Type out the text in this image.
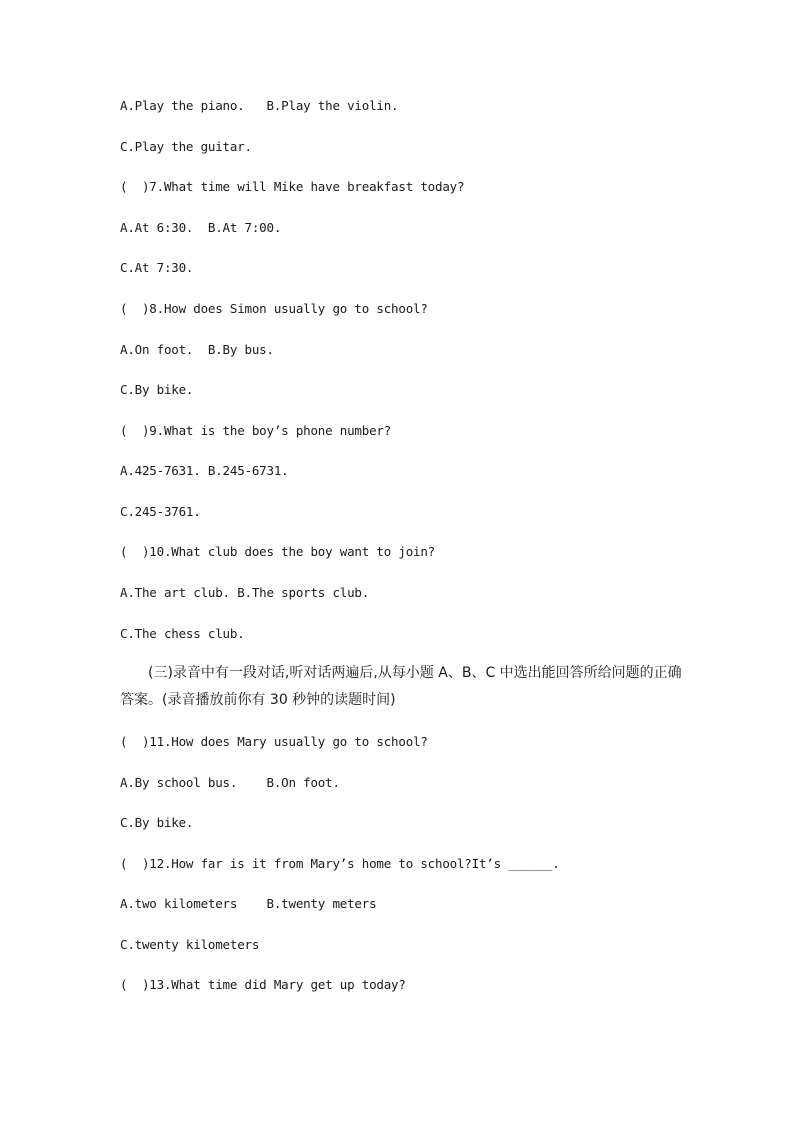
A.Play the piano.   B.Play the violin.
C.Play the guitar.
(  )7.What time will Mike have breakfast today?
A.At 6:30.  B.At 7:00.
C.At 7:30.
(  )8.How does Simon usually go to school?
A.On foot.  B.By bus.
C.By bike.
(  )9.What is the boy’s phone number?
A.425-7631. B.245-6731.
C.245-3761.
(  )10.What club does the boy want to join?
A.The art club. B.The sports club.
C.The chess club.
(三)录音中有一段对话,听对话两遍后,从每小题 A、B、C 中选出能回答所给问题的正确
答案。(录音播放前你有 30 秒钟的读题时间)
(  )11.How does Mary usually go to school?
A.By school bus.    B.On foot.
C.By bike.
(  )12.How far is it from Mary’s home to school?It’s ______.
A.two kilometers    B.twenty meters
C.twenty kilometers
(  )13.What time did Mary get up today?
